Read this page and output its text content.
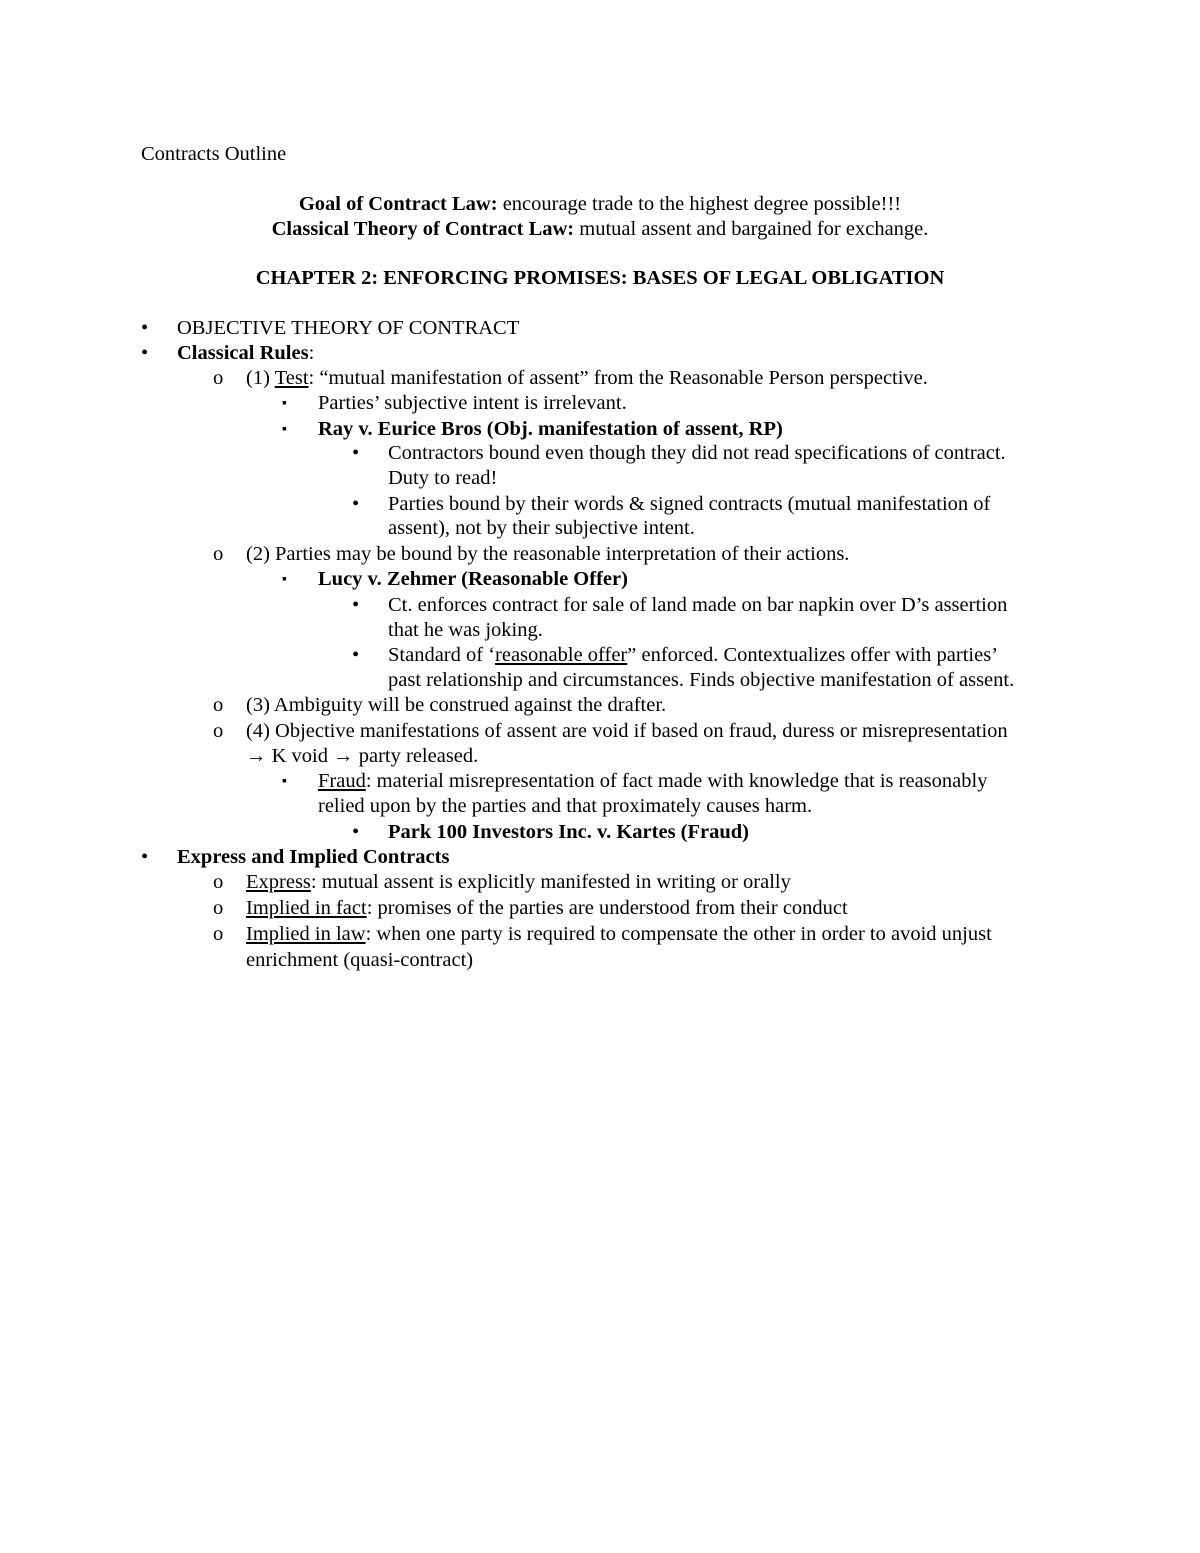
Contracts Outline
Goal of Contract Law: encourage trade to the highest degree possible!!!
Classical Theory of Contract Law: mutual assent and bargained for exchange.
CHAPTER 2: ENFORCING PROMISES: BASES OF LEGAL OBLIGATION
• OBJECTIVE THEORY OF CONTRACT
• Classical Rules:
o (1) Test: “mutual manifestation of assent” from the Reasonable Person perspective.
▪ Parties’ subjective intent is irrelevant.
▪ Ray v. Eurice Bros (Obj. manifestation of assent, RP)
• Contractors bound even though they did not read specifications of contract.
Duty to read!
• Parties bound by their words & signed contracts (mutual manifestation of
assent), not by their subjective intent.
o (2) Parties may be bound by the reasonable interpretation of their actions.
▪ Lucy v. Zehmer (Reasonable Offer)
• Ct. enforces contract for sale of land made on bar napkin over D’s assertion
that he was joking.
• Standard of ‘reasonable offer” enforced. Contextualizes offer with parties’
past relationship and circumstances. Finds objective manifestation of assent.
o (3) Ambiguity will be construed against the drafter.
o (4) Objective manifestations of assent are void if based on fraud, duress or misrepresentation
→ K void → party released.
▪ Fraud: material misrepresentation of fact made with knowledge that is reasonably
relied upon by the parties and that proximately causes harm.
• Park 100 Investors Inc. v. Kartes (Fraud)
• Express and Implied Contracts
o Express: mutual assent is explicitly manifested in writing or orally
o Implied in fact: promises of the parties are understood from their conduct
o Implied in law: when one party is required to compensate the other in order to avoid unjust
enrichment (quasi-contract)
